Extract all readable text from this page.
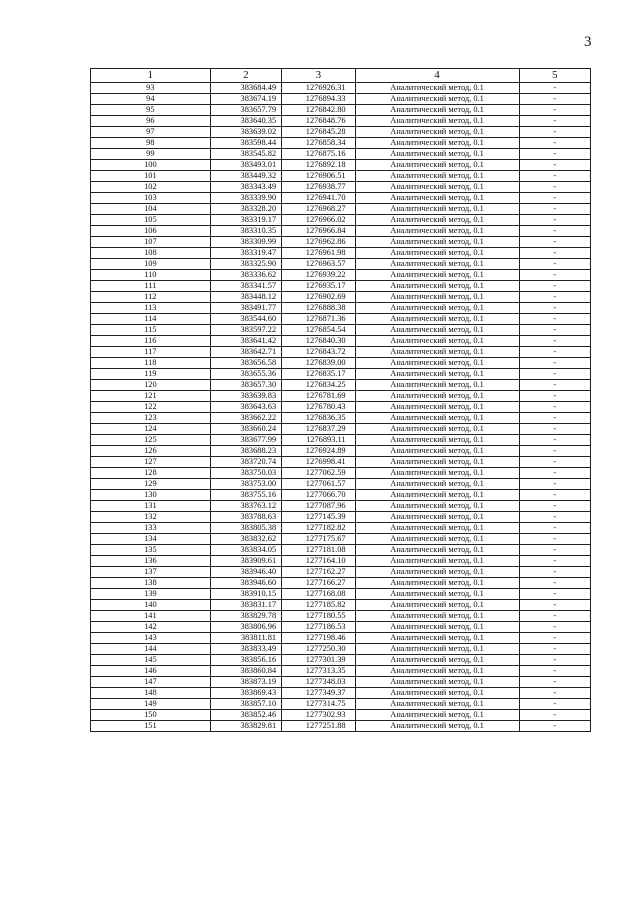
3
1	2	3	4	5
93	383684.49	1276926.31	Аналитический метод, 0.1	-
94	383674.19	1276894.33	Аналитический метод, 0.1	-
95	383657.79	1276842.80	Аналитический метод, 0.1	-
96	383640.35	1276848.76	Аналитический метод, 0.1	-
97	383639.02	1276845.28	Аналитический метод, 0.1	-
98	383598.44	1276858.34	Аналитический метод, 0.1	-
99	383545.82	1276875.16	Аналитический метод, 0.1	-
100	383493.01	1276892.18	Аналитический метод, 0.1	-
101	383449.32	1276906.51	Аналитический метод, 0.1	-
102	383343.49	1276938.77	Аналитический метод, 0.1	-
103	383339.90	1276941.70	Аналитический метод, 0.1	-
104	383328.20	1276968.27	Аналитический метод, 0.1	-
105	383319.17	1276966.02	Аналитический метод, 0.1	-
106	383310.35	1276966.84	Аналитический метод, 0.1	-
107	383309.99	1276962.86	Аналитический метод, 0.1	-
108	383319.47	1276961.98	Аналитический метод, 0.1	-
109	383325.90	1276963.57	Аналитический метод, 0.1	-
110	383336.62	1276939.22	Аналитический метод, 0.1	-
111	383341.57	1276935.17	Аналитический метод, 0.1	-
112	383448.12	1276902.69	Аналитический метод, 0.1	-
113	383491.77	1276888.38	Аналитический метод, 0.1	-
114	383544.60	1276871.36	Аналитический метод, 0.1	-
115	383597.22	1276854.54	Аналитический метод, 0.1	-
116	383641.42	1276840.30	Аналитический метод, 0.1	-
117	383642.71	1276843.72	Аналитический метод, 0.1	-
118	383656.58	1276839.00	Аналитический метод, 0.1	-
119	383655.36	1276835.17	Аналитический метод, 0.1	-
120	383657.30	1276834.25	Аналитический метод, 0.1	-
121	383639.83	1276781.69	Аналитический метод, 0.1	-
122	383643.63	1276780.43	Аналитический метод, 0.1	-
123	383662.22	1276836.35	Аналитический метод, 0.1	-
124	383660.24	1276837.29	Аналитический метод, 0.1	-
125	383677.99	1276893.11	Аналитический метод, 0.1	-
126	383688.23	1276924.89	Аналитический метод, 0.1	-
127	383720.74	1276998.41	Аналитический метод, 0.1	-
128	383750.03	1277062.59	Аналитический метод, 0.1	-
129	383753.00	1277061.57	Аналитический метод, 0.1	-
130	383755.16	1277066.70	Аналитический метод, 0.1	-
131	383763.12	1277087.96	Аналитический метод, 0.1	-
132	383788.63	1277145.39	Аналитический метод, 0.1	-
133	383805.38	1277182.82	Аналитический метод, 0.1	-
134	383832.62	1277175.67	Аналитический метод, 0.1	-
135	383834.05	1277181.08	Аналитический метод, 0.1	-
136	383909.61	1277164.10	Аналитический метод, 0.1	-
137	383946.40	1277162.27	Аналитический метод, 0.1	-
138	383946.60	1277166.27	Аналитический метод, 0.1	-
139	383910.15	1277168.08	Аналитический метод, 0.1	-
140	383831.17	1277185.82	Аналитический метод, 0.1	-
141	383829.78	1277180.55	Аналитический метод, 0.1	-
142	383806.96	1277186.53	Аналитический метод, 0.1	-
143	383811.81	1277198.46	Аналитический метод, 0.1	-
144	383833.49	1277250.30	Аналитический метод, 0.1	-
145	383856.16	1277301.39	Аналитический метод, 0.1	-
146	383860.84	1277313.35	Аналитический метод, 0.1	-
147	383873.19	1277348.03	Аналитический метод, 0.1	-
148	383869.43	1277349.37	Аналитический метод, 0.1	-
149	383857.10	1277314.75	Аналитический метод, 0.1	-
150	383852.46	1277302.93	Аналитический метод, 0.1	-
151	383829.81	1277251.88	Аналитический метод, 0.1	-
